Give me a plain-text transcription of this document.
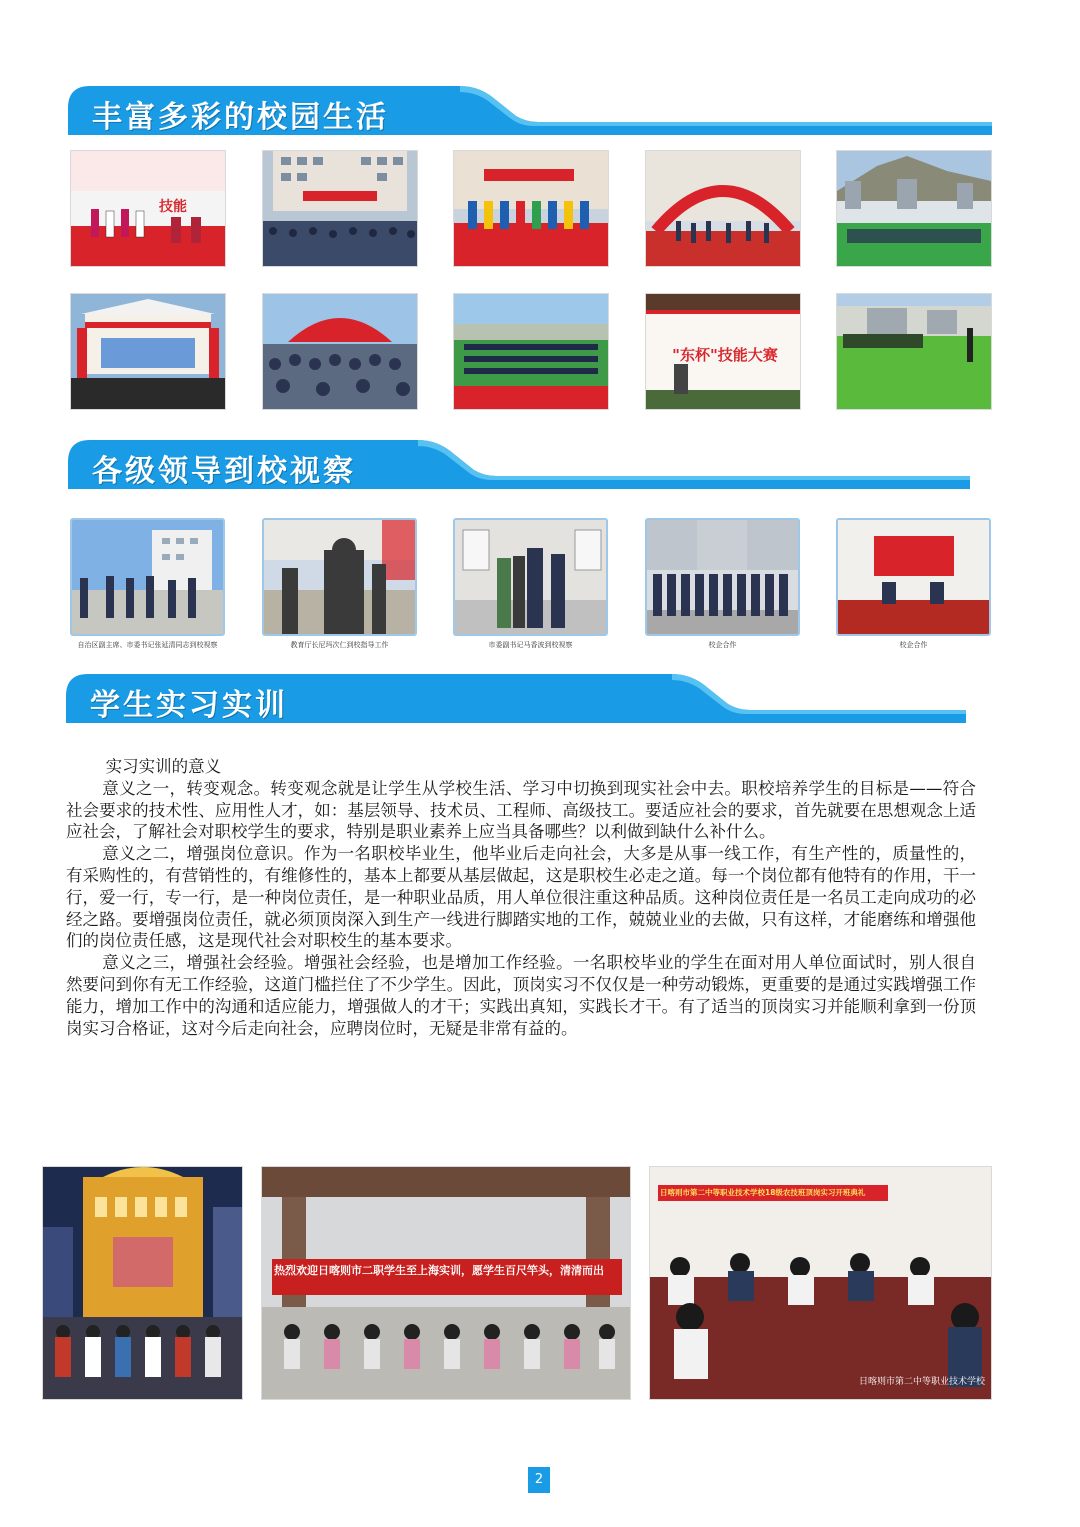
丰富多彩的校园生活
技能
"东杯"技能大赛
各级领导到校视察
自治区副主席、市委书记张延清同志到校视察	教育厅长尼玛次仁到校指导工作	市委副书记马香波到校视察	校企合作	校企合作
学生实习实训

实习实训的意义

意义之一，转变观念。转变观念就是让学生从学校生活、学习中切换到现实社会中去。职校培养学生的目标是——符合社会要求的技术性、应用性人才，如：基层领导、技术员、工程师、高级技工。要适应社会的要求，首先就要在思想观念上适应社会，了解社会对职校学生的要求，特别是职业素养上应当具备哪些？以利做到缺什么补什么。

意义之二，增强岗位意识。作为一名职校毕业生，他毕业后走向社会，大多是从事一线工作，有生产性的，质量性的，有采购性的，有营销性的，有维修性的，基本上都要从基层做起，这是职校生必走之道。每一个岗位都有他特有的作用，干一行，爱一行，专一行，是一种岗位责任，是一种职业品质，用人单位很注重这种品质。这种岗位责任是一名员工走向成功的必经之路。要增强岗位责任，就必须顶岗深入到生产一线进行脚踏实地的工作，兢兢业业的去做，只有这样，才能磨练和增强他们的岗位责任感，这是现代社会对职校生的基本要求。

意义之三，增强社会经验。增强社会经验，也是增加工作经验。一名职校毕业的学生在面对用人单位面试时，别人很自然要问到你有无工作经验，这道门槛拦住了不少学生。因此，顶岗实习不仅仅是一种劳动锻炼，更重要的是通过实践增强工作能力，增加工作中的沟通和适应能力，增强做人的才干；实践出真知，实践长才干。有了适当的顶岗实习并能顺利拿到一份顶岗实习合格证，这对今后走向社会，应聘岗位时，无疑是非常有益的。

热烈欢迎日喀则市二职学生至上海实训，愿学生百尺竿头，清清而出
日喀则市第二中等职业技术学校18级农技班顶岗实习开班典礼
日喀则市第二中等职业技术学校
2
